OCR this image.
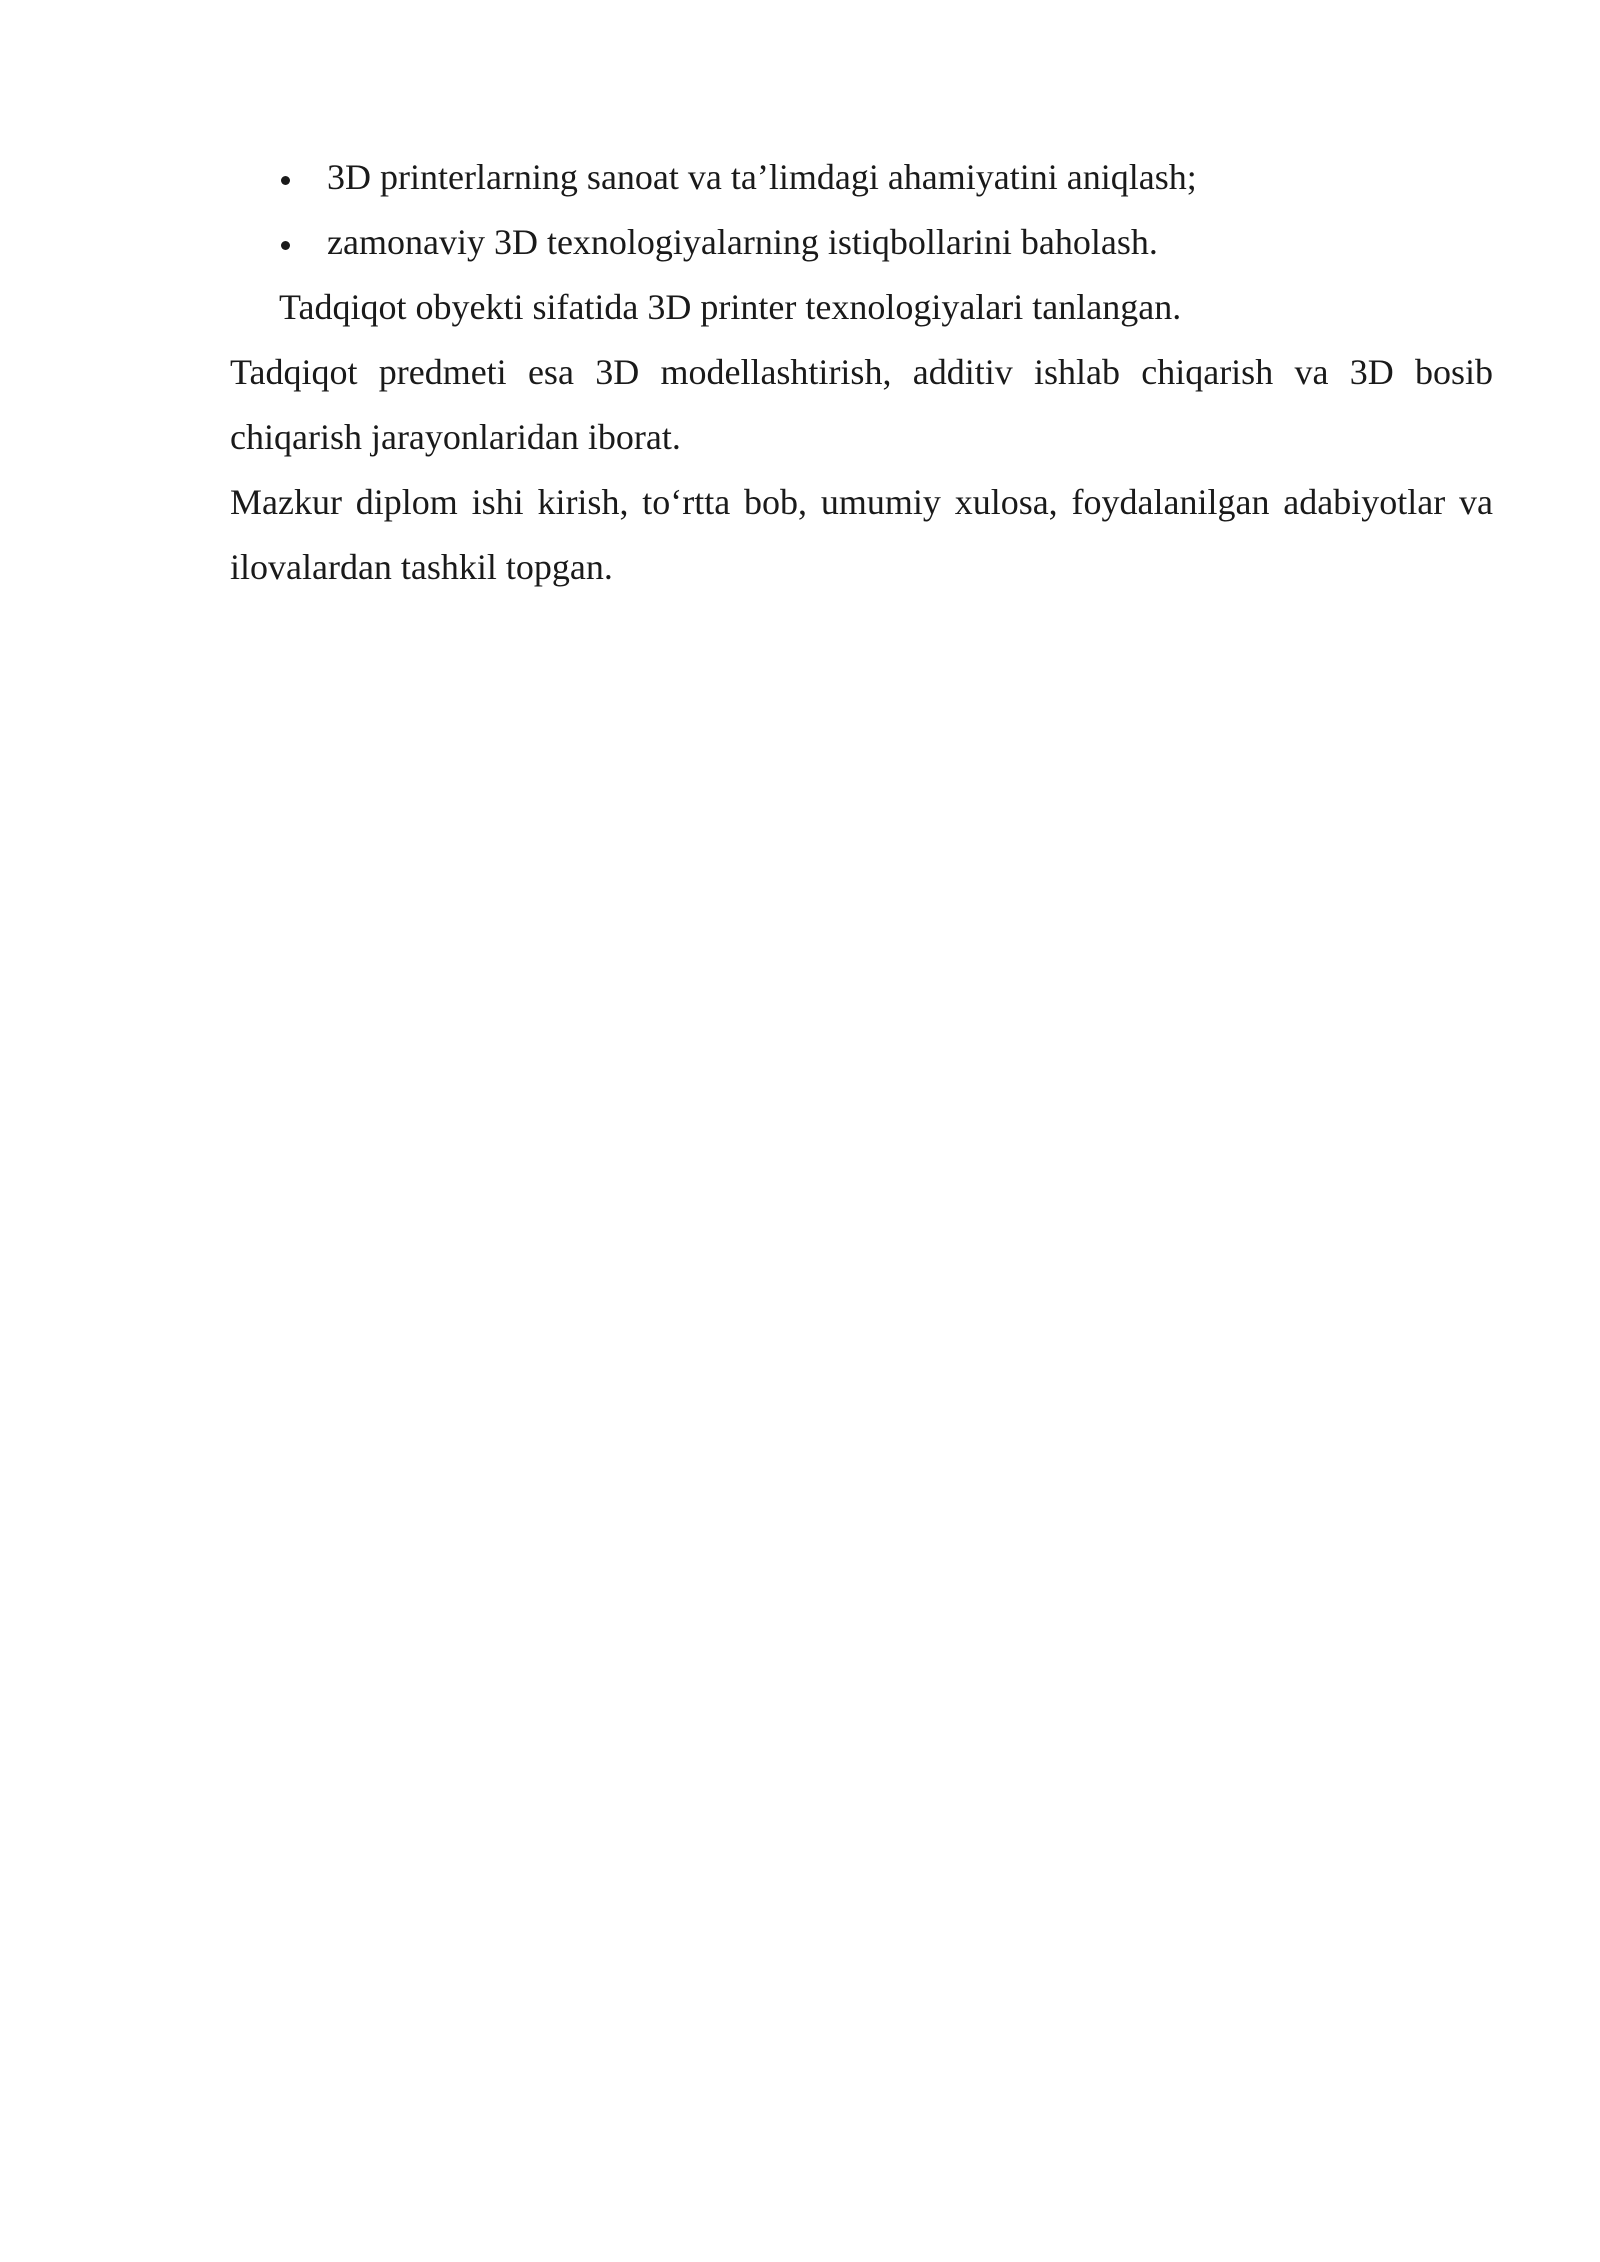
3D printerlarning sanoat va ta’limdagi ahamiyatini aniqlash;
zamonaviy 3D texnologiyalarning istiqbollarini baholash.

Tadqiqot obyekti sifatida 3D printer texnologiyalari tanlangan.

Tadqiqot predmeti esa 3D modellashtirish, additiv ishlab chiqarish va 3D bosib chiqarish jarayonlaridan iborat.

Mazkur diplom ishi kirish, to‘rtta bob, umumiy xulosa, foydalanilgan adabiyotlar va ilovalardan tashkil topgan.
